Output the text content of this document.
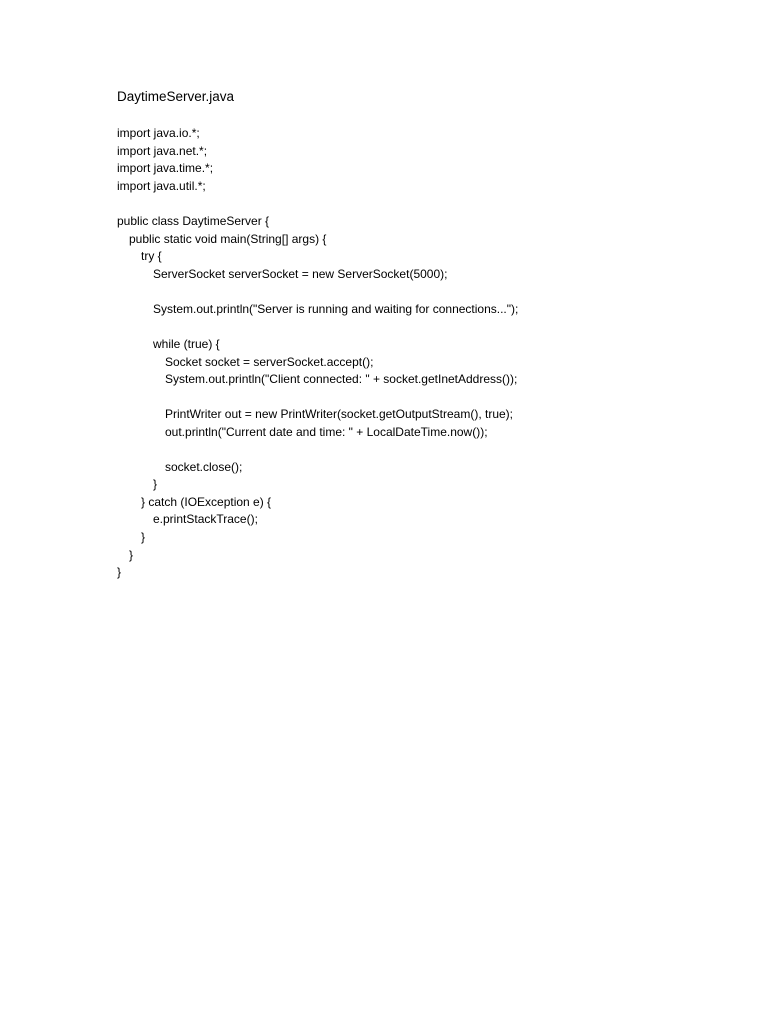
DaytimeServer.java
import java.io.*;
import java.net.*;
import java.time.*;
import java.util.*;
public class DaytimeServer {
public static void main(String[] args) {
try {
ServerSocket serverSocket = new ServerSocket(5000);
System.out.println("Server is running and waiting for connections...");
while (true) {
Socket socket = serverSocket.accept();
System.out.println("Client connected: " + socket.getInetAddress());
PrintWriter out = new PrintWriter(socket.getOutputStream(), true);
out.println("Current date and time: " + LocalDateTime.now());
socket.close();
}
} catch (IOException e) {
e.printStackTrace();
}
}
}
